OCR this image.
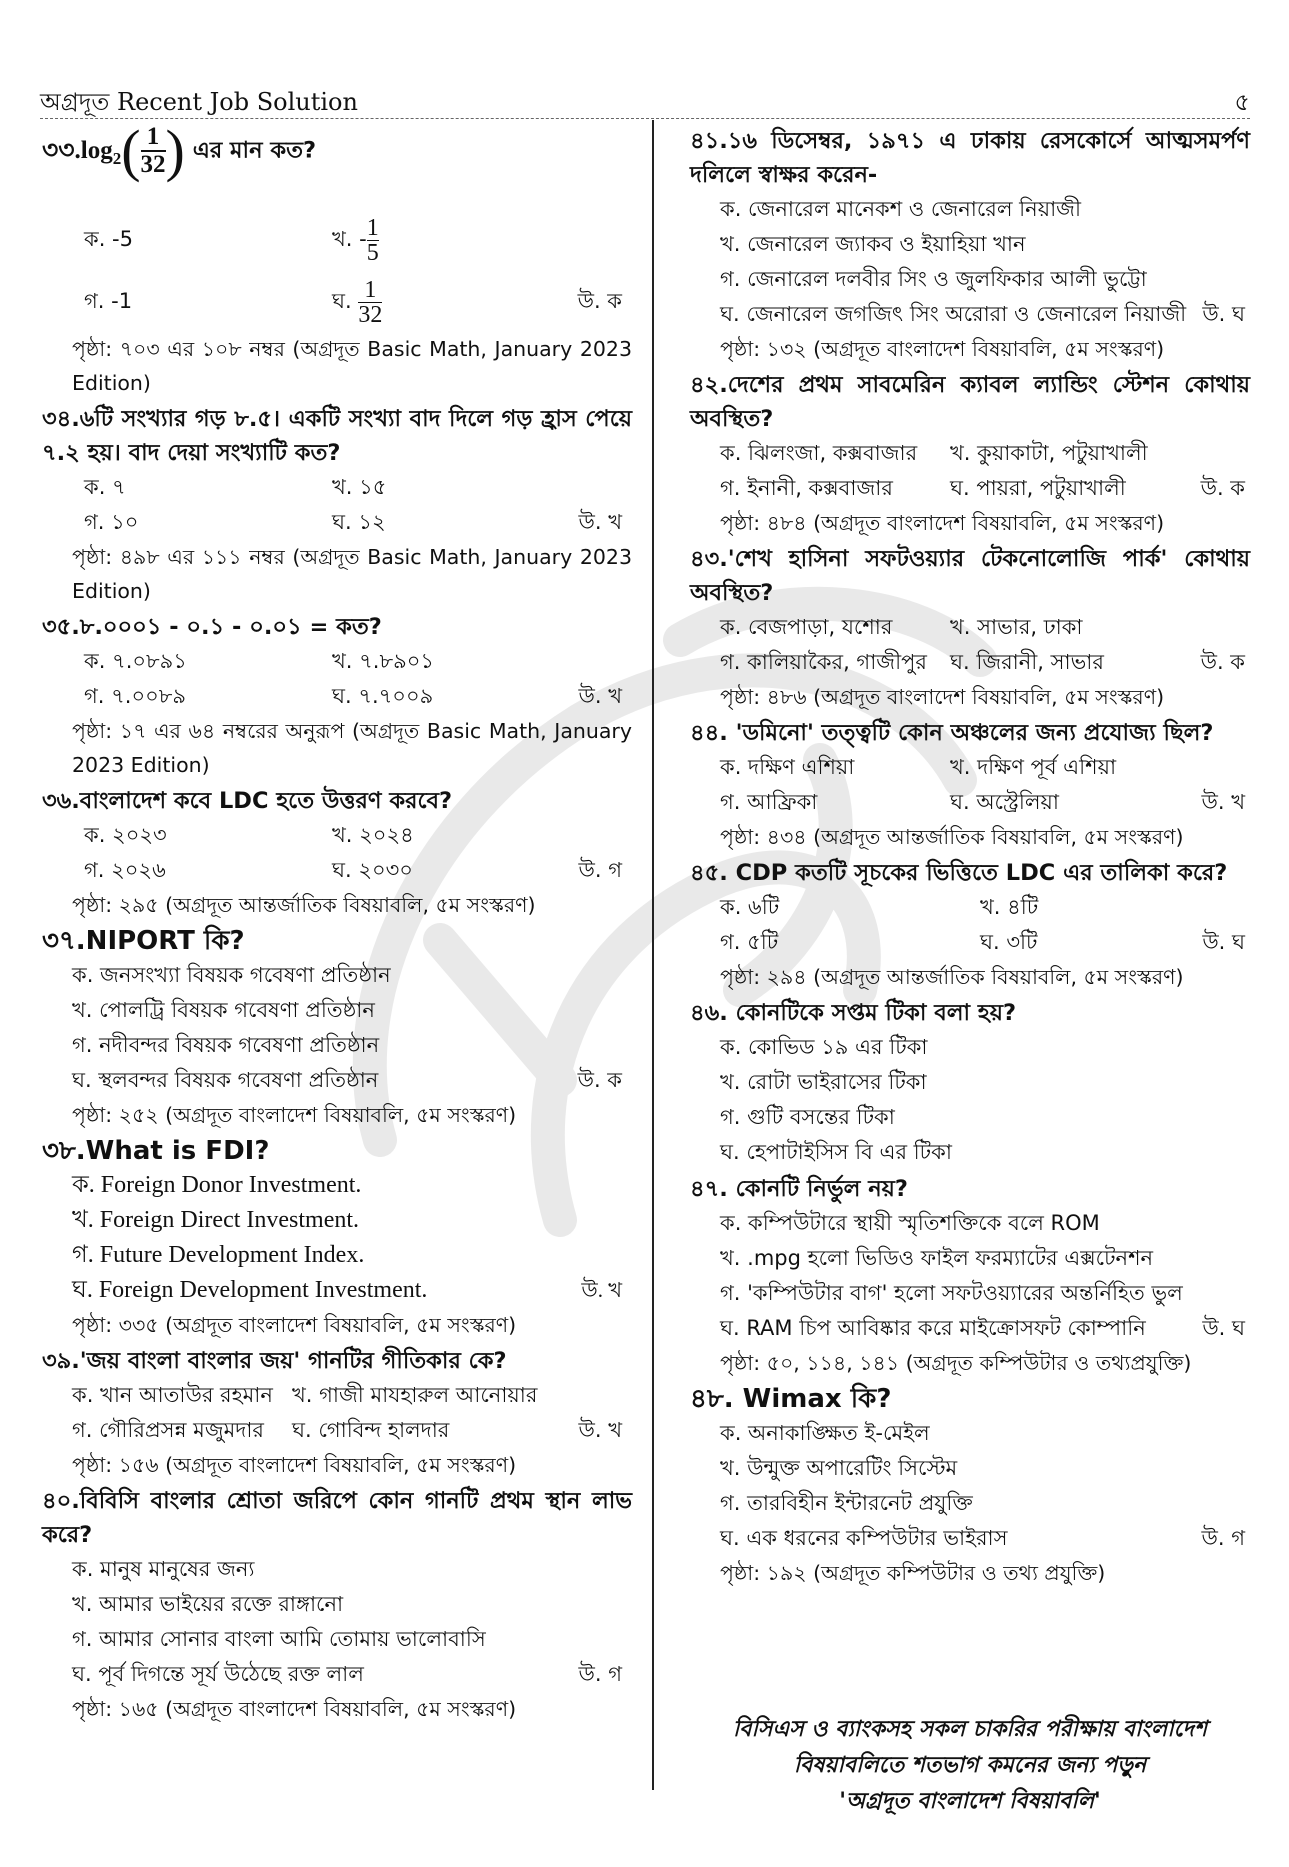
অগ্রদূত Recent Job Solution	৫
$৩৩.\log_2( \frac{1}{32}$ ) এর মান কত?
ক. -5	খ. - $\frac{1}{5}$
গ. -1	ঘ. $\frac{1}{32}$	উ. ক
পৃষ্ঠা: ৭০৩ এর ১০৮ নম্বর (অগ্রদূত Basic Math, January 2023 Edition)
৩৪.৬টি সংখ্যার গড় ৮.৫। একটি সংখ্যা বাদ দিলে গড় হ্রাস পেয়ে ৭.২ হয়। বাদ দেয়া সংখ্যাটি কত?
ক. ৭	খ. ১৫
গ. ১০	ঘ. ১২	উ. খ
পৃষ্ঠা: ৪৯৮ এর ১১১ নম্বর (অগ্রদূত Basic Math, January 2023 Edition)
৩৫.৮.০০০১ - ০.১ - ০.০১ = কত?
ক. ৭.০৮৯১	খ. ৭.৮৯০১
গ. ৭.০০৮৯	ঘ. ৭.৭০০৯	উ. খ
পৃষ্ঠা: ১৭ এর ৬৪ নম্বরের অনুরূপ (অগ্রদূত Basic Math, January 2023 Edition)
৩৬.বাংলাদেশ কবে LDC হতে উত্তরণ করবে?
ক. ২০২৩	খ. ২০২৪
গ. ২০২৬	ঘ. ২০৩০	উ. গ
পৃষ্ঠা: ২৯৫ (অগ্রদূত আন্তর্জাতিক বিষয়াবলি, ৫ম সংস্করণ)
৩৭.NIPORT কি?
ক. জনসংখ্যা বিষয়ক গবেষণা প্রতিষ্ঠান
খ. পোলট্রি বিষয়ক গবেষণা প্রতিষ্ঠান
গ. নদীবন্দর বিষয়ক গবেষণা প্রতিষ্ঠান
ঘ. স্থলবন্দর বিষয়ক গবেষণা প্রতিষ্ঠান	উ. ক
পৃষ্ঠা: ২৫২ (অগ্রদূত বাংলাদেশ বিষয়াবলি, ৫ম সংস্করণ)
৩৮.What is FDI?
ক. Foreign Donor Investment.
খ. Foreign Direct Investment.
গ. Future Development Index.
ঘ. Foreign Development Investment.	উ. খ
পৃষ্ঠা: ৩৩৫ (অগ্রদূত বাংলাদেশ বিষয়াবলি, ৫ম সংস্করণ)
৩৯.'জয় বাংলা বাংলার জয়' গানটির গীতিকার কে?
ক. খান আতাউর রহমান খ. গাজী মাযহারুল আনোয়ার
গ. গৌরিপ্রসন্ন মজুমদার ঘ. গোবিন্দ হালদার	উ. খ
পৃষ্ঠা: ১৫৬ (অগ্রদূত বাংলাদেশ বিষয়াবলি, ৫ম সংস্করণ)
৪০.বিবিসি বাংলার শ্রোতা জরিপে কোন গানটি প্রথম স্থান লাভ করে?
ক. মানুষ মানুষের জন্য
খ. আমার ভাইয়ের রক্তে রাঙ্গানো
গ. আমার সোনার বাংলা আমি তোমায় ভালোবাসি
ঘ. পূর্ব দিগন্তে সূর্য উঠেছে রক্ত লাল	উ. গ
পৃষ্ঠা: ১৬৫ (অগ্রদূত বাংলাদেশ বিষয়াবলি, ৫ম সংস্করণ)
৪১.১৬ ডিসেম্বর, ১৯৭১ এ ঢাকায় রেসকোর্সে আত্মসমর্পণ দলিলে স্বাক্ষর করেন-
ক. জেনারেল মানেকশ ও জেনারেল নিয়াজী
খ. জেনারেল জ্যাকব ও ইয়াহিয়া খান
গ. জেনারেল দলবীর সিং ও জুলফিকার আলী ভুট্টো
ঘ. জেনারেল জগজিৎ সিং অরোরা ও জেনারেল নিয়াজী উ. ঘ
পৃষ্ঠা: ১৩২ (অগ্রদূত বাংলাদেশ বিষয়াবলি, ৫ম সংস্করণ)
৪২.দেশের প্রথম সাবমেরিন ক্যাবল ল্যান্ডিং স্টেশন কোথায় অবস্থিত?
ক. ঝিলংজা, কক্সবাজার খ. কুয়াকাটা, পটুয়াখালী
গ. ইনানী, কক্সবাজার	ঘ. পায়রা, পটুয়াখালী	উ. ক
পৃষ্ঠা: ৪৮৪ (অগ্রদূত বাংলাদেশ বিষয়াবলি, ৫ম সংস্করণ)
৪৩.'শেখ হাসিনা সফটওয়্যার টেকনোলোজি পার্ক' কোথায় অবস্থিত?
ক. বেজপাড়া, যশোর	খ. সাভার, ঢাকা
গ. কালিয়াকৈর, গাজীপুর ঘ. জিরানী, সাভার	উ. ক
পৃষ্ঠা: ৪৮৬ (অগ্রদূত বাংলাদেশ বিষয়াবলি, ৫ম সংস্করণ)
৪৪. 'ডমিনো' তত্ত্বটি কোন অঞ্চলের জন্য প্রযোজ্য ছিল?
ক. দক্ষিণ এশিয়া	খ. দক্ষিণ পূর্ব এশিয়া
গ. আফ্রিকা	ঘ. অস্ট্রেলিয়া	উ. খ
পৃষ্ঠা: ৪৩৪ (অগ্রদূত আন্তর্জাতিক বিষয়াবলি, ৫ম সংস্করণ)
৪৫. CDP কতটি সূচকের ভিত্তিতে LDC এর তালিকা করে?
ক. ৬টি	খ. ৪টি
গ. ৫টি	ঘ. ৩টি	উ. ঘ
পৃষ্ঠা: ২৯৪ (অগ্রদূত আন্তর্জাতিক বিষয়াবলি, ৫ম সংস্করণ)
৪৬. কোনটিকে সপ্তম টিকা বলা হয়?
ক. কোভিড ১৯ এর টিকা
খ. রোটা ভাইরাসের টিকা
গ. গুটি বসন্তের টিকা
ঘ. হেপাটাইসিস বি এর টিকা
৪৭. কোনটি নির্ভুল নয়?
ক. কম্পিউটারে স্থায়ী স্মৃতিশক্তিকে বলে ROM
খ. .mpg হলো ভিডিও ফাইল ফরম্যাটের এক্সটেনশন
গ. 'কম্পিউটার বাগ' হলো সফটওয়্যারের অন্তর্নিহিত ভুল
ঘ. RAM চিপ আবিষ্কার করে মাইক্রোসফট কোম্পানি	উ. ঘ
পৃষ্ঠা: ৫০, ১১৪, ১৪১ (অগ্রদূত কম্পিউটার ও তথ্যপ্রযুক্তি)
৪৮. Wimax কি?
ক. অনাকাঙ্ক্ষিত ই-মেইল
খ. উন্মুক্ত অপারেটিং সিস্টেম
গ. তারবিহীন ইন্টারনেট প্রযুক্তি
ঘ. এক ধরনের কম্পিউটার ভাইরাস	উ. গ
পৃষ্ঠা: ১৯২ (অগ্রদূত কম্পিউটার ও তথ্য প্রযুক্তি)
বিসিএস ও ব্যাংকসহ সকল চাকরির পরীক্ষায় বাংলাদেশ
বিষয়াবলিতে শতভাগ কমনের জন্য পড়ুন
'অগ্রদূত বাংলাদেশ বিষয়াবলি'
